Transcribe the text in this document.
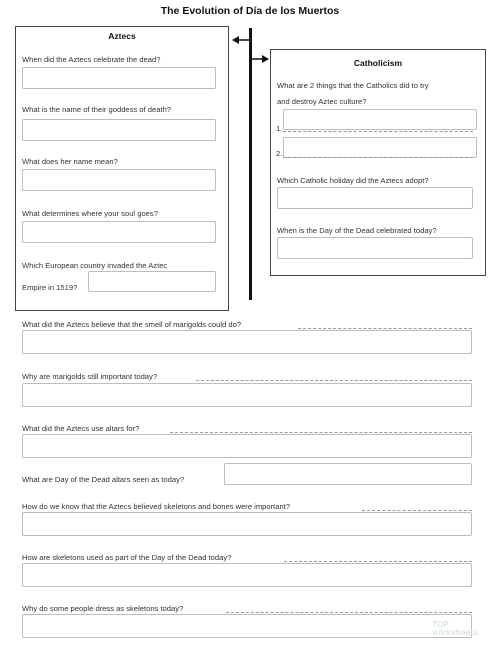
The Evolution of Día de los Muertos
Aztecs
When did the Aztecs celebrate the dead?
What is the name of their goddess of death?
What does her name mean?
What determines where your soul goes?
Which European country invaded the Aztec
Empire in 1519?
Catholicism
What are 2 things that the Catholics did to try
and destroy Aztec culture?
1.
2.
Which Catholic holiday did the Aztecs adopt?
When is the Day of the Dead celebrated today?
What did the Aztecs believe that the smell of marigolds could do?
Why are marigolds still important today?
What did the Aztecs use altars for?
What are Day of the Dead altars seen as today?
How do we know that the Aztecs believed skeletons and bones were important?
How are skeletons used as part of the Day of the Dead today?
Why do some people dress as skeletons today?
TOP
worksheets
